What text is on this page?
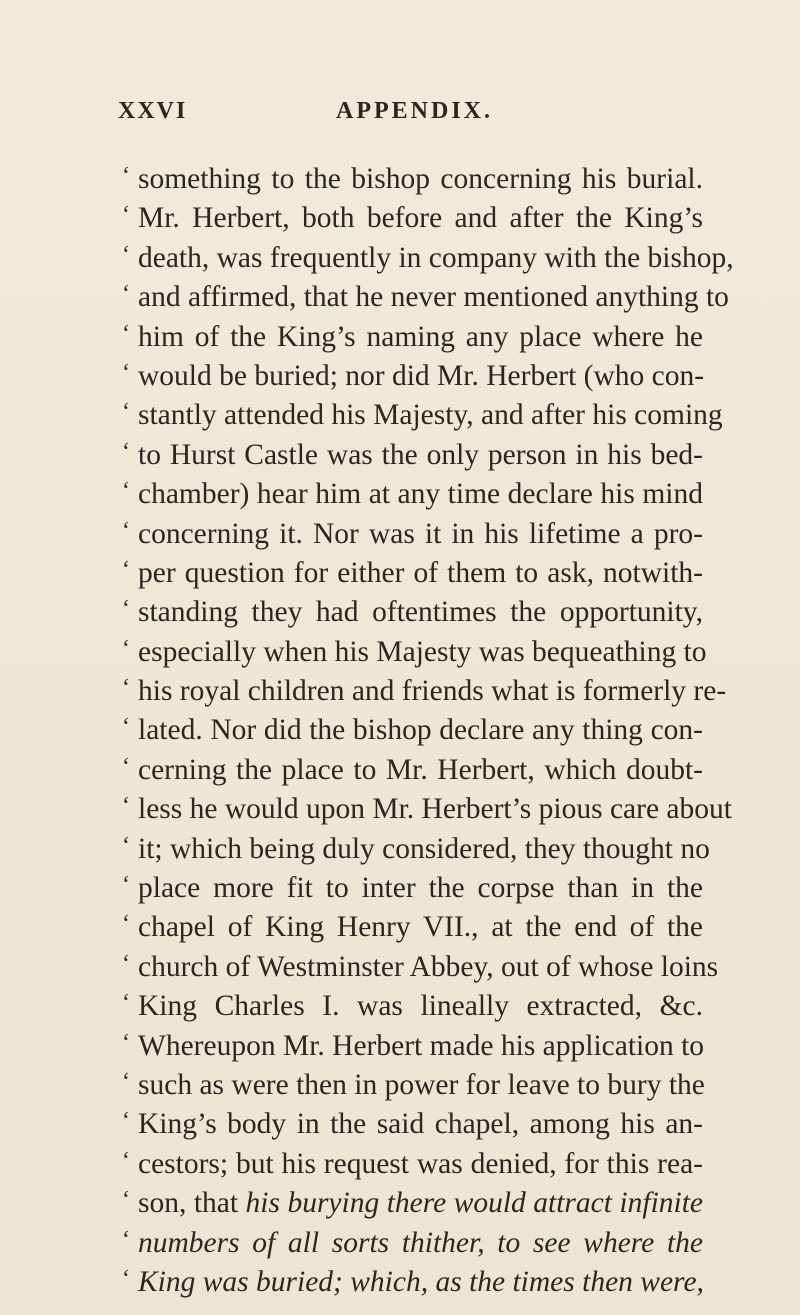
XXVI	APPENDIX.
‘ something to the bishop concerning his burial.
‘ Mr. Herbert, both before and after the King’s
‘ death, was frequently in company with the bishop,
‘ and affirmed, that he never mentioned anything to
‘ him of the King’s naming any place where he
‘ would be buried; nor did Mr. Herbert (who con-
‘ stantly attended his Majesty, and after his coming
‘ to Hurst Castle was the only person in his bed-
‘ chamber) hear him at any time declare his mind
‘ concerning it. Nor was it in his lifetime a pro-
‘ per question for either of them to ask, notwith-
‘ standing they had oftentimes the opportunity,
‘ especially when his Majesty was bequeathing to
‘ his royal children and friends what is formerly re-
‘ lated. Nor did the bishop declare any thing con-
‘ cerning the place to Mr. Herbert, which doubt-
‘ less he would upon Mr. Herbert’s pious care about
‘ it; which being duly considered, they thought no
‘ place more fit to inter the corpse than in the
‘ chapel of King Henry VII., at the end of the
‘ church of Westminster Abbey, out of whose loins
‘ King Charles I. was lineally extracted, &c.
‘ Whereupon Mr. Herbert made his application to
‘ such as were then in power for leave to bury the
‘ King’s body in the said chapel, among his an-
‘ cestors; but his request was denied, for this rea-
‘ son, that his burying there would attract infinite
‘ numbers of all sorts thither, to see where the
‘ King was buried; which, as the times then were,
